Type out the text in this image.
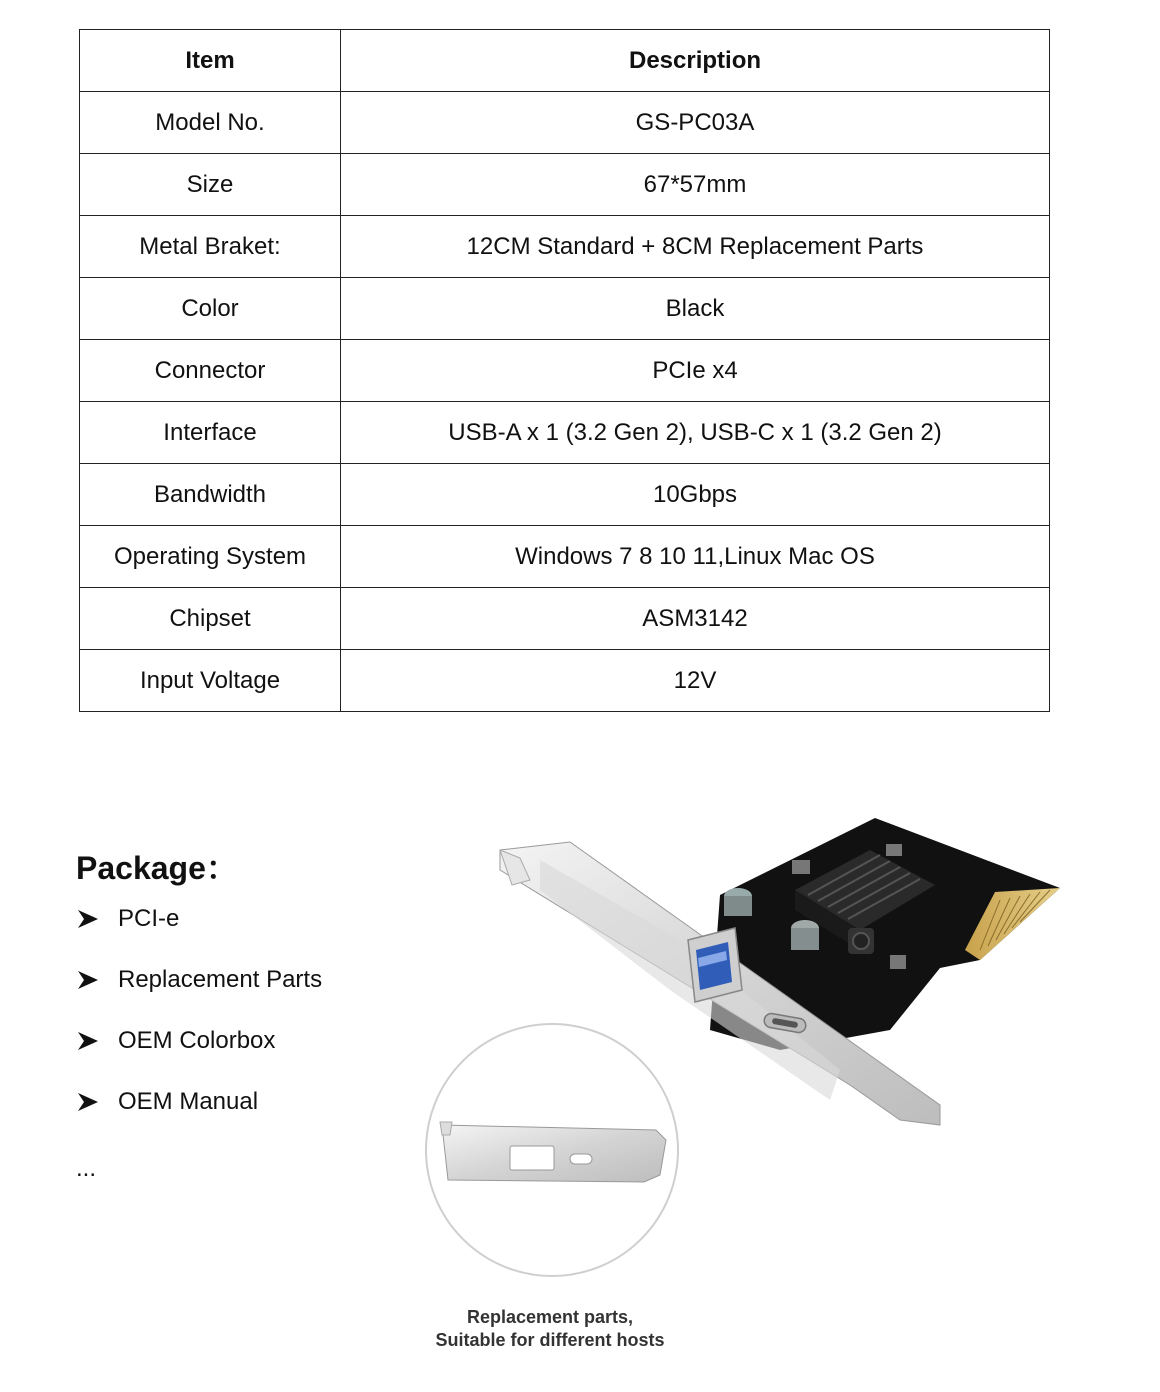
Item	Description
Model No.	GS-PC03A
Size	67*57mm
Metal Braket:	12CM Standard + 8CM Replacement Parts
Color	Black
Connector	PCIe x4
Interface	USB-A x 1 (3.2 Gen 2), USB-C x 1 (3.2 Gen 2)
Bandwidth	10Gbps
Operating System	Windows 7 8 10 11,Linux Mac OS
Chipset	ASM3142
Input Voltage	12V
Package：
PCI-e
Replacement Parts
OEM Colorbox
OEM Manual
...
Replacement parts,
Suitable for different hosts
